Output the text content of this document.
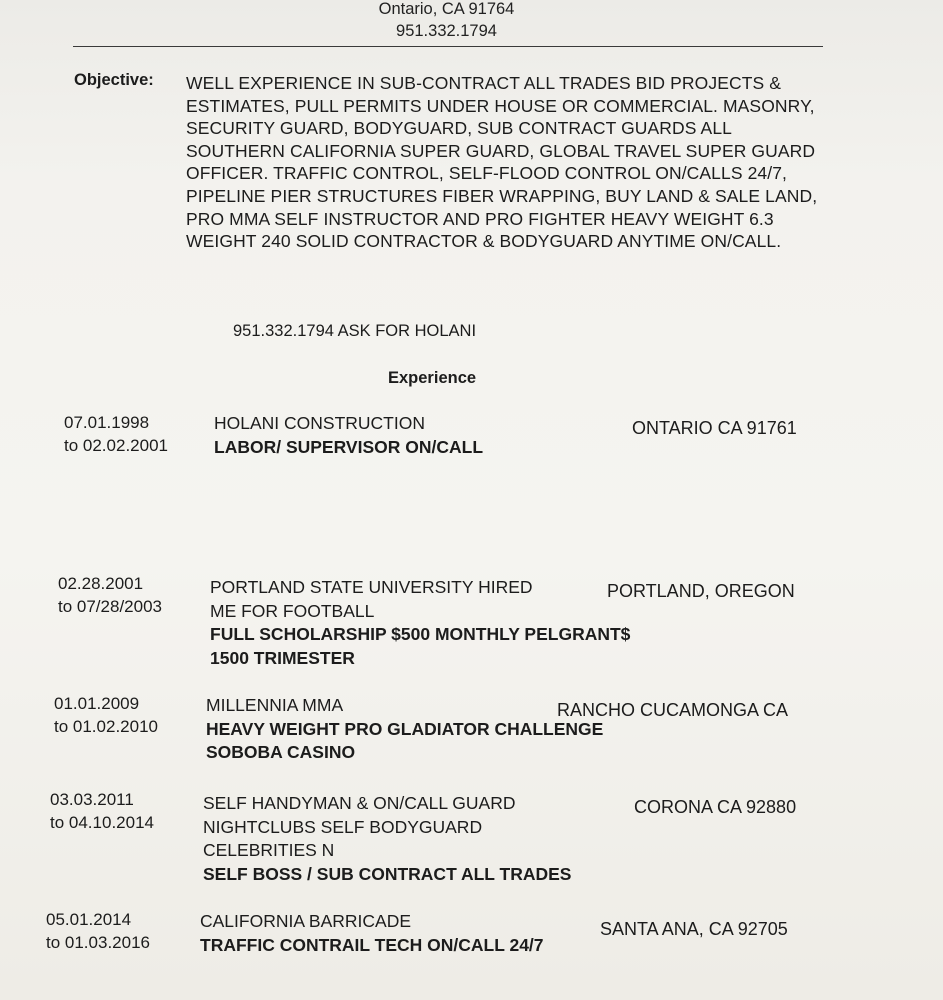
Ontario, CA 91764
951.332.1794
Objective: WELL EXPERIENCE IN SUB-CONTRACT ALL TRADES BID PROJECTS & ESTIMATES, PULL PERMITS UNDER HOUSE OR COMMERCIAL. MASONRY, SECURITY GUARD, BODYGUARD, SUB CONTRACT GUARDS ALL SOUTHERN CALIFORNIA SUPER GUARD, GLOBAL TRAVEL SUPER GUARD OFFICER. TRAFFIC CONTROL, SELF-FLOOD CONTROL ON/CALLS 24/7, PIPELINE PIER STRUCTURES FIBER WRAPPING, BUY LAND & SALE LAND, PRO MMA SELF INSTRUCTOR AND PRO FIGHTER HEAVY WEIGHT 6.3 WEIGHT 240 SOLID CONTRACTOR & BODYGUARD ANYTIME ON/CALL.
951.332.1794 ASK FOR HOLANI
Experience
07.01.1998
to 02.02.2001
HOLANI CONSTRUCTION
LABOR/ SUPERVISOR ON/CALL
ONTARIO CA 91761
02.28.2001
to 07/28/2003
PORTLAND STATE UNIVERSITY HIRED
ME FOR FOOTBALL
FULL SCHOLARSHIP $500 MONTHLY PELGRANT$
1500 TRIMESTER
PORTLAND, OREGON
01.01.2009
to 01.02.2010
MILLENNIA MMA
HEAVY WEIGHT PRO GLADIATOR CHALLENGE
SOBOBA CASINO
RANCHO CUCAMONGA CA
03.03.2011
to 04.10.2014
SELF HANDYMAN & ON/CALL GUARD
NIGHTCLUBS SELF BODYGUARD
CELEBRITIES N
SELF BOSS / SUB CONTRACT ALL TRADES
CORONA CA 92880
05.01.2014
to 01.03.2016
CALIFORNIA BARRICADE
TRAFFIC CONTRAIL TECH ON/CALL 24/7
SANTA ANA, CA 92705
